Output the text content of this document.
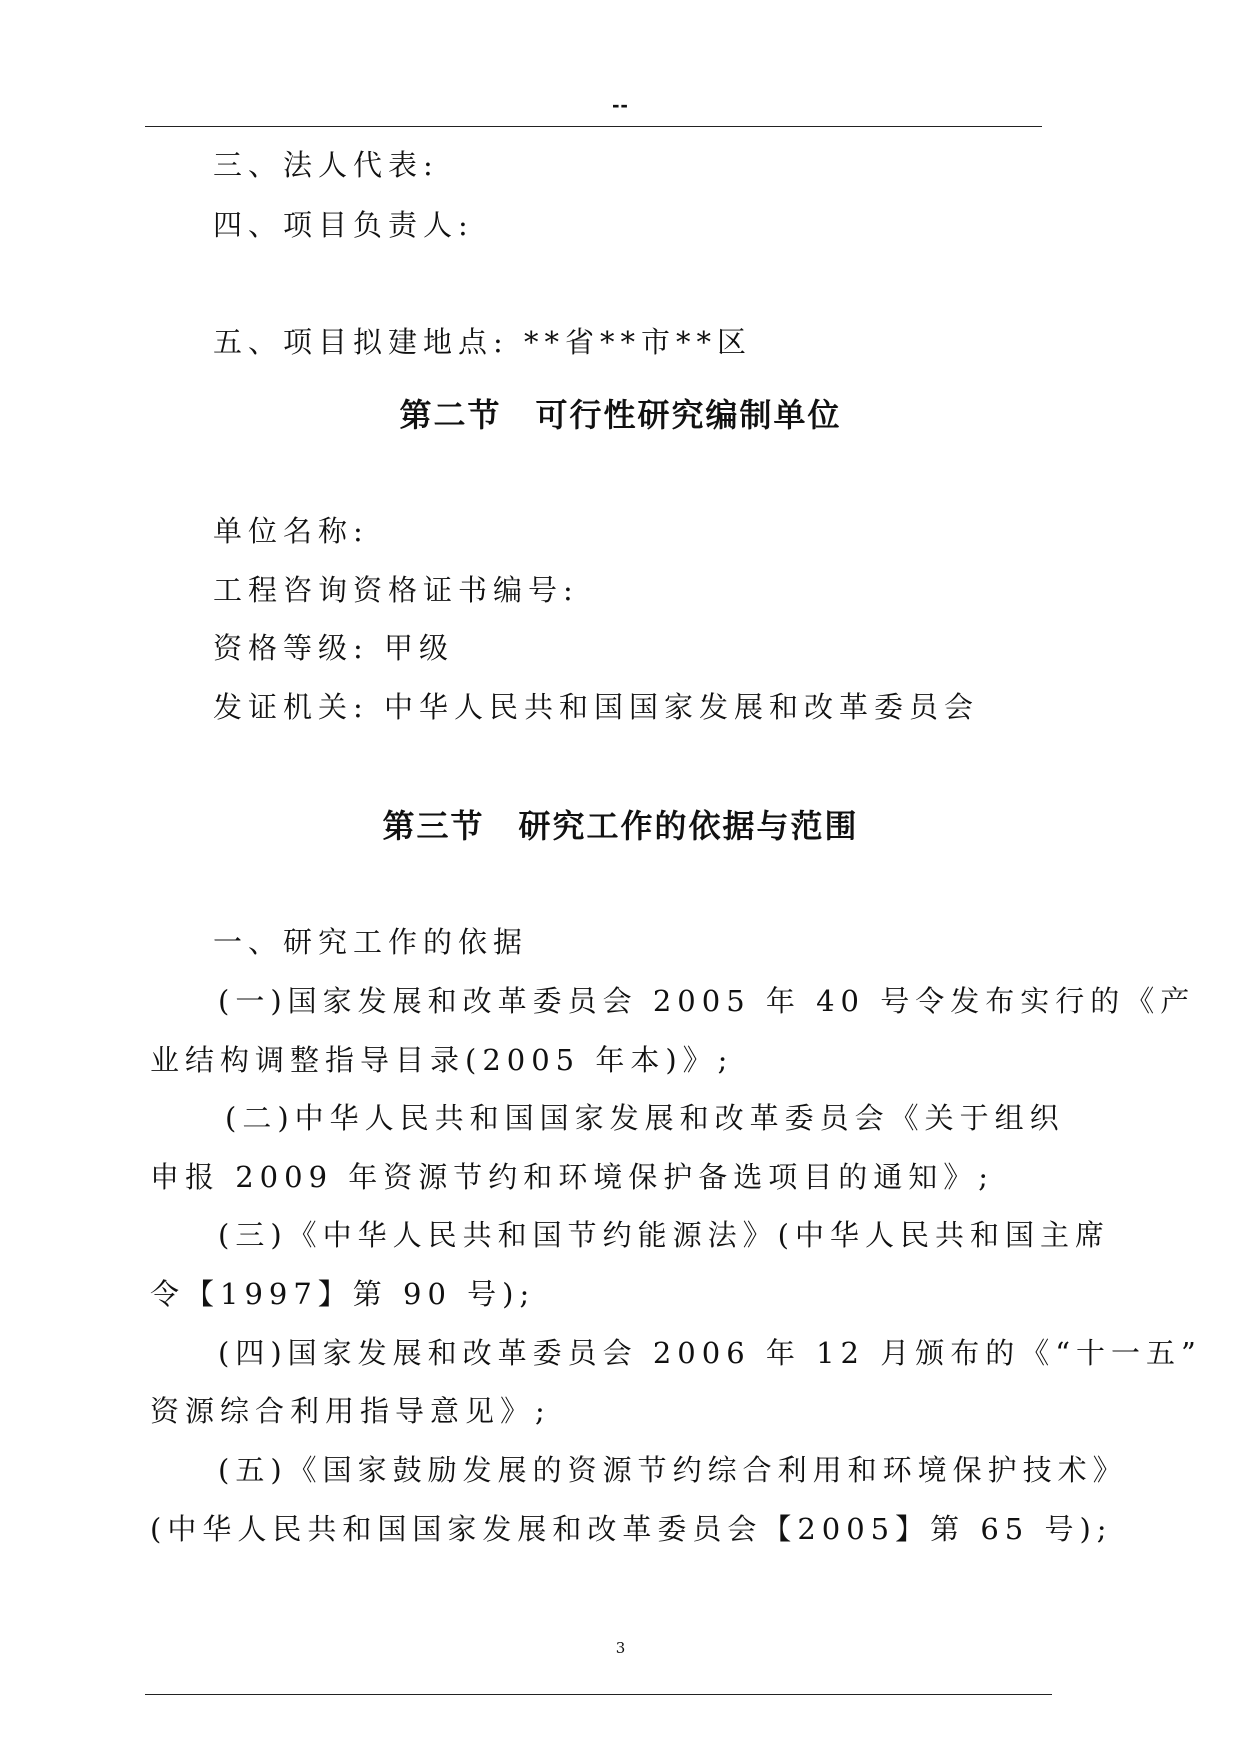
--
三、法人代表:
四、项目负责人:
五、项目拟建地点: **省**市**区
第二节　可行性研究编制单位
单位名称:
工程咨询资格证书编号:
资格等级: 甲级
发证机关: 中华人民共和国国家发展和改革委员会
第三节　研究工作的依据与范围
一、研究工作的依据
(一)国家发展和改革委员会 2005 年 40 号令发布实行的《产
业结构调整指导目录(2005 年本)》;
(二)中华人民共和国国家发展和改革委员会《关于组织
申报 2009 年资源节约和环境保护备选项目的通知》;
(三)《中华人民共和国节约能源法》(中华人民共和国主席
令【1997】第 90 号);
(四)国家发展和改革委员会 2006 年 12 月颁布的《“十一五”
资源综合利用指导意见》;
(五)《国家鼓励发展的资源节约综合利用和环境保护技术》
(中华人民共和国国家发展和改革委员会【2005】第 65 号);
3
